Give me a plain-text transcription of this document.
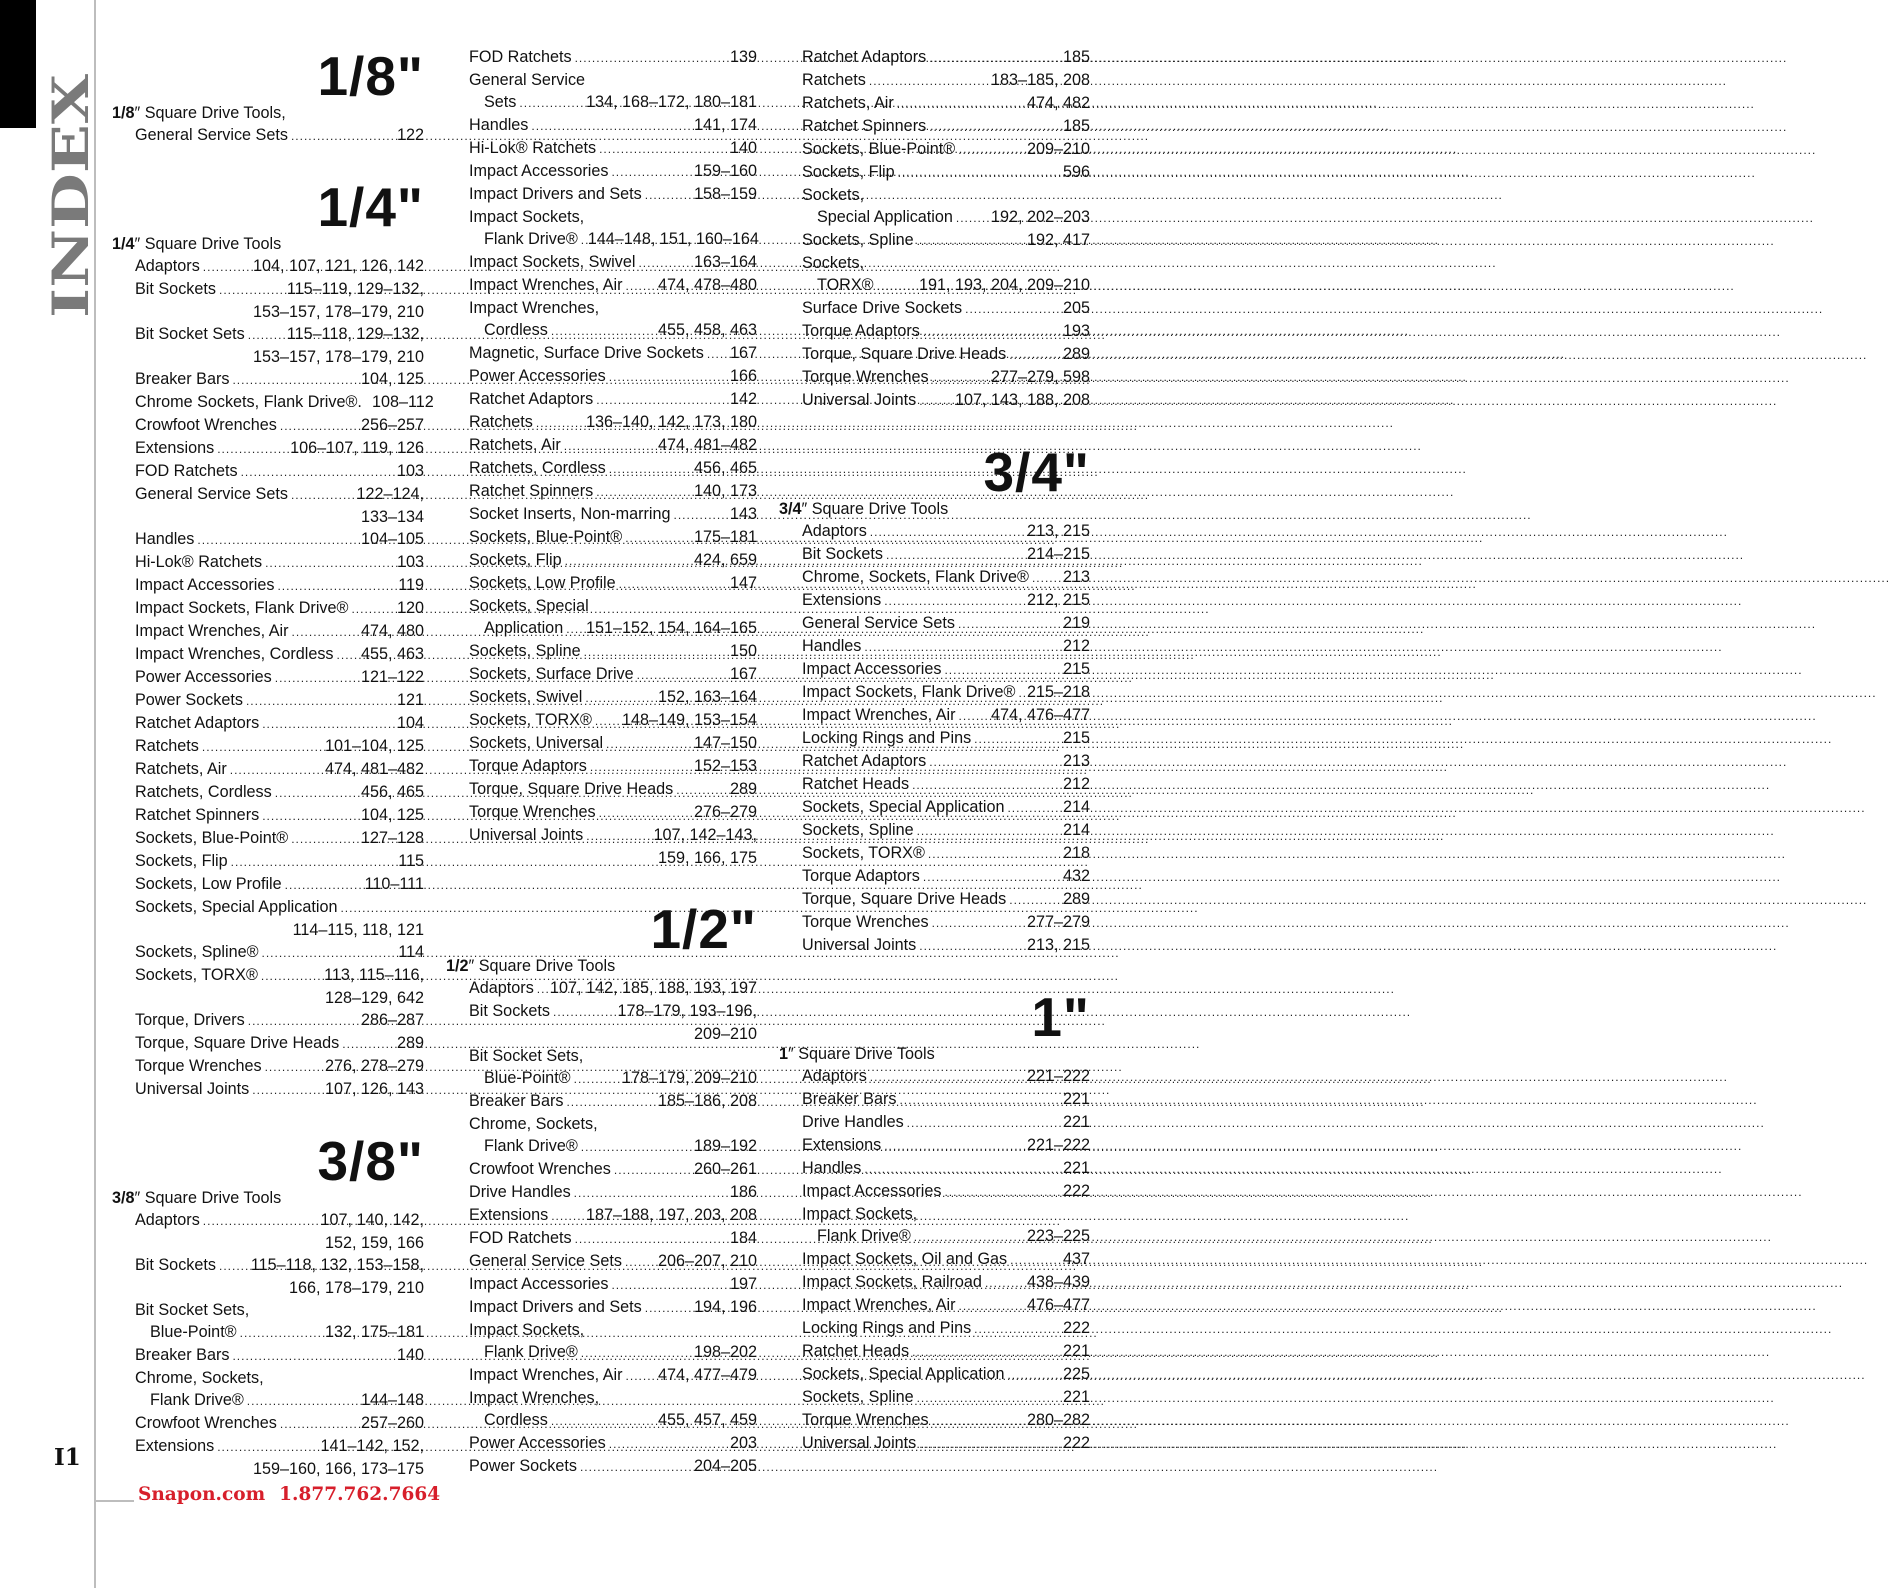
INDEX
1/8"
1/8″ Square Drive Tools,
General Service Sets .....	122
1/4"
1/4″ Square Drive Tools
Adaptors .....	104, 107, 121, 126, 142
Bit Sockets .....	115–119, 129–132,
153–157, 178–179, 210
Bit Socket Sets .....	115–118, 129–132,
153–157, 178–179, 210
Breaker Bars .....	104, 125
Chrome Sockets, Flank Drive®. 108–112
Crowfoot Wrenches .....	256–257
Extensions .....	106–107, 119, 126
FOD Ratchets .....	103
General Service Sets .....	122–124,
133–134
Handles .....	104–105
Hi-Lok® Ratchets .....	103
Impact Accessories .....	119
Impact Sockets, Flank Drive® .....	120
Impact Wrenches, Air .....	474, 480
Impact Wrenches, Cordless ..... 455, 463
Power Accessories .....	121–122
Power Sockets .....	121
Ratchet Adaptors .....	104
Ratchets .....	101–104, 125
Ratchets, Air .....	474, 481–482
Ratchets, Cordless .....	456, 465
Ratchet Spinners .....	104, 125
Sockets, Blue-Point® .....	127–128
Sockets, Flip .....	115
Sockets, Low Profile .....	110–111
Sockets, Special Application
.....
114–115, 118, 121
Sockets, Spline® .....	114
Sockets, TORX® .....	113, 115–116,
128–129, 642
Torque, Drivers .....	286–287
Torque, Square Drive Heads .....	289
Torque Wrenches .....	276, 278–279
Universal Joints .....	107, 126, 143
3/8"
3/8″ Square Drive Tools
Adaptors .....	107, 140, 142,
152, 159, 166
Bit Sockets ..... 115–118, 132, 153–158,
166, 178–179, 210
Bit Socket Sets,
Blue-Point® .....	132, 175–181
Breaker Bars .....	140
Chrome, Sockets,
Flank Drive® .....	144–148
Crowfoot Wrenches .....	257–260
Extensions .....	141–142, 152,
159–160, 166, 173–175
FOD Ratchets .....	139
General Service
Sets .....	134, 168–172, 180–181
Handles .....	141, 174
Hi-Lok® Ratchets .....	140
Impact Accessories .....	159–160
Impact Drivers and Sets .....	158–159
Impact Sockets,
Flank Drive® ..... 144–148, 151, 160–164
Impact Sockets, Swivel .....	163–164
Impact Wrenches, Air ..... 474, 478–480
Impact Wrenches,
Cordless .....	455, 458, 463
Magnetic, Surface Drive Sockets ..... 167
Power Accessories .....	166
Ratchet Adaptors .....	142
Ratchets .....	136–140, 142, 173, 180
Ratchets, Air .....	474, 481–482
Ratchets, Cordless .....	456, 465
Ratchet Spinners .....	140, 173
Socket Inserts, Non-marring .....	143
Sockets, Blue-Point® .....	175–181
Sockets, Flip .....	424, 659
Sockets, Low Profile .....	147
Sockets, Special
Application ..... 151–152, 154, 164–165
Sockets, Spline .....	150
Sockets, Surface Drive .....	167
Sockets, Swivel .....	152, 163–164
Sockets, TORX® ..... 148–149, 153–154
Sockets, Universal .....	147–150
Torque Adaptors .....	152–153
Torque, Square Drive Heads .....	289
Torque Wrenches .....	276–279
Universal Joints .....	107, 142–143,
159, 166, 175
1/2"
1/2″ Square Drive Tools
Adaptors ..... 107, 142, 185, 188, 193, 197
Bit Sockets .....	178–179, 193–196,
209–210
Bit Socket Sets,
Blue-Point® .....	178–179, 209–210
Breaker Bars .....	185–186, 208
Chrome, Sockets,
Flank Drive® .....	189–192
Crowfoot Wrenches .....	260–261
Drive Handles .....	186
Extensions ..... 187–188, 197, 203, 208
FOD Ratchets .....	184
General Service Sets ..... 206–207, 210
Impact Accessories .....	197
Impact Drivers and Sets .....	194, 196
Impact Sockets,
Flank Drive® .....	198–202
Impact Wrenches, Air ..... 474, 477–479
Impact Wrenches,
Cordless .....	455, 457, 459
Power Accessories .....	203
Power Sockets .....	204–205
Ratchet Adaptors .....	185
Ratchets .....	183–185, 208
Ratchets, Air .....	474, 482
Ratchet Spinners .....	185
Sockets, Blue-Point® .....	209–210
Sockets, Flip .....	596
Sockets,
Special Application ..... 192, 202–203
Sockets, Spline .....	192, 417
Sockets,
TORX® .....	191, 193, 204, 209–210
Surface Drive Sockets .....	205
Torque Adaptors .....	193
Torque, Square Drive Heads .....	289
Torque Wrenches .....	277–279, 598
Universal Joints ..... 107, 143, 188, 208
3/4"
3/4″ Square Drive Tools
Adaptors .....	213, 215
Bit Sockets .....	214–215
Chrome, Sockets, Flank Drive® ..... 213
Extensions .....	212, 215
General Service Sets .....	219
Handles .....	212
Impact Accessories .....	215
Impact Sockets, Flank Drive® ..... 215–218
Impact Wrenches, Air ..... 474, 476–477
Locking Rings and Pins .....	215
Ratchet Adaptors .....	213
Ratchet Heads .....	212
Sockets, Special Application .....	214
Sockets, Spline .....	214
Sockets, TORX® .....	218
Torque Adaptors .....	432
Torque, Square Drive Heads .....	289
Torque Wrenches .....	277–279
Universal Joints .....	213, 215
1"
1″ Square Drive Tools
Adaptors .....	221–222
Breaker Bars .....	221
Drive Handles .....	221
Extensions .....	221–222
Handles .....	221
Impact Accessories .....	222
Impact Sockets,
Flank Drive® .....	223–225
Impact Sockets, Oil and Gas .....	437
Impact Sockets, Railroad .....	438–439
Impact Wrenches, Air .....	476–477
Locking Rings and Pins .....	222
Ratchet Heads .....	221
Sockets, Special Application .....	225
Sockets, Spline .....	221
Torque Wrenches .....	280–282
Universal Joints .....	222
I1
Snapon.com 1.877.762.7664
